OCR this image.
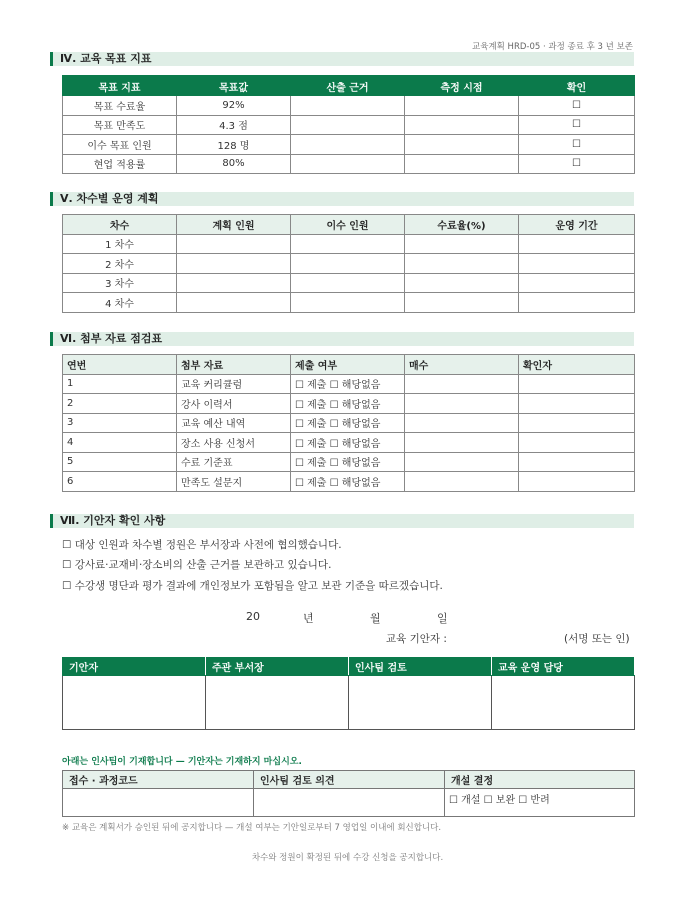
교육계획 HRD-05 · 과정 종료 후 3 년 보존
Ⅳ. 교육 목표 지표
목표 지표	목표값	산출 근거	측정 시점	확인
목표 수료율	92%			☐
목표 만족도	4.3 점			☐
이수 목표 인원	128 명			☐
현업 적용률	80%			☐
Ⅴ. 차수별 운영 계획
차수	계획 인원	이수 인원	수료율(%)	운영 기간
1 차수				
2 차수				
3 차수				
4 차수				
Ⅵ. 첨부 자료 점검표
연번	첨부 자료	제출 여부	매수	확인자
1	교육 커리큘럼	☐ 제출 ☐ 해당없음		
2	강사 이력서	☐ 제출 ☐ 해당없음		
3	교육 예산 내역	☐ 제출 ☐ 해당없음		
4	장소 사용 신청서	☐ 제출 ☐ 해당없음		
5	수료 기준표	☐ 제출 ☐ 해당없음		
6	만족도 설문지	☐ 제출 ☐ 해당없음		
Ⅶ. 기안자 확인 사항
☐ 대상 인원과 차수별 정원은 부서장과 사전에 협의했습니다.
☐ 강사료·교재비·장소비의 산출 근거를 보관하고 있습니다.
☐ 수강생 명단과 평가 결과에 개인정보가 포함됨을 알고 보관 기준을 따르겠습니다.
20	년	월	일
교육 기안자 :	(서명 또는 인)
기안자	주관 부서장	인사팀 검토	교육 운영 담당

아래는 인사팀이 기재합니다 — 기안자는 기재하지 마십시오.
접수 · 과정코드	인사팀 검토 의견	개설 결정
		☐ 개설 ☐ 보완 ☐ 반려
※ 교육은 계획서가 승인된 뒤에 공지합니다 — 개설 여부는 기안일로부터 7 영업일 이내에 회신합니다.
차수와 정원이 확정된 뒤에 수강 신청을 공지합니다.
